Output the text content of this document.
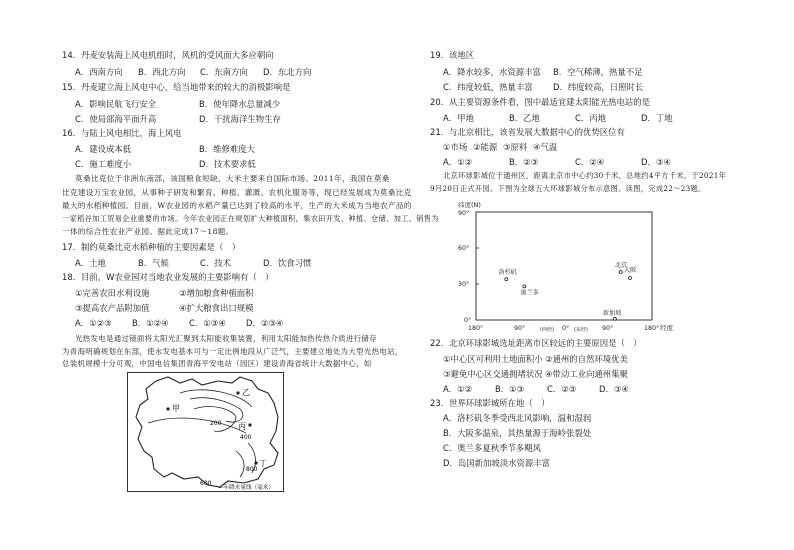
14．丹麦安装海上风电机组时，风机的受风面大多应朝向
A．西南方向 B．西北方向 C．东南方向 D．东北方向
15．丹麦建立海上风电中心，给当地带来的较大的消极影响是
A．影响民航飞行安全	B．使年降水总量减少
C．使局部海平面升高	D．干扰海洋生物生存
16．与陆上风电相比，海上风电
A．建设成本低	B．维修难度大
C．施工难度小	D．技术要求低
莫桑比克位于非洲东南部，该国粮食短缺，大米主要来自国际市场。2011年，我国在莫桑
比克建设万宝农业园，从事种子研发和繁育、种植、灌溉、农机化服务等，现已经发展成为莫桑比克
最大的水稻种植园。目前，W农业园的水稻产量已达到了较高的水平，生产的大米成为当地农产品的
一家稻谷加工贸易企业重要的市场。今年农业园正在规划扩大种植面积，集农田开发、种植、仓储、加工、销售为
一体的综合性农业产业园。据此完成17～18题。
17．制约莫桑比克水稻种植的主要因素是（　）
A．土地	B．气候	C．技术	D．饮食习惯
18．目前，W农业园对当地农业发展的主要影响有（　）
①完善农田水利设施	②增加粮食种植面积
③提高农产品附加值	④扩大粮食出口规模
A．①②③ B．①②④ C．①③④ D．②③④
光热发电是通过镜面将太阳光汇聚到太阳能收集装置，利用太阳能加热传热介质进行储存
为青海明确规划在东部，使水发电基本可与一定比例地段从广泛气，主要建立地处为大型光热电站，
总装机规模十分可观，中国电信集团青海平安电站（园区）建设青海省统计大数据中心，如
甲
乙
丙
丁
200
400
600
800
—年降水量线（毫米）
19．该地区
A．降水较多，水资源丰富 B．空气稀薄，热量不足
C．纬度较低，热量丰富 D．纬度较高，日照时长
20．从主要资源条件看，图中最适宜建太阳能光热电站的是
A．甲地	B．乙地	C．丙地	D．丁地
21．与北京相比，该省发展大数据中心的优势区位有
①市场 ②能源 ③原料 ④气温
A．①②	B．②③	C．②④	D．③④
北京环球影城位于通州区，距离北京市中心约30千米，总地约4平方千米，于2021年
9月20日正式开园。下图为全球五大环球影城分布示意图。读图，完成22～23题。
纬度(N)
90°
60°
30°
0°
180°	90°	(西经) 0° (东经) 90°	180° 经度
洛杉矶
奥兰多
北京
大阪
新加坡
22．北京环球影城选址距离市区较远的主要原因是（　）
①中心区可利用土地面积小 ②通州的自然环境优美
③避免中心区交通拥堵状况 ④带动工业向通州集聚
A．①②	B．①③	C．②③	D．③④
23．世界环球影城所在地（　）
A．洛杉矶冬季受西北风影响，温和湿润
B．大阪多温泉，其热量源于海岭张裂处
C．奥兰多夏秋季节多飓风
D．岛国新加坡淡水资源丰富
